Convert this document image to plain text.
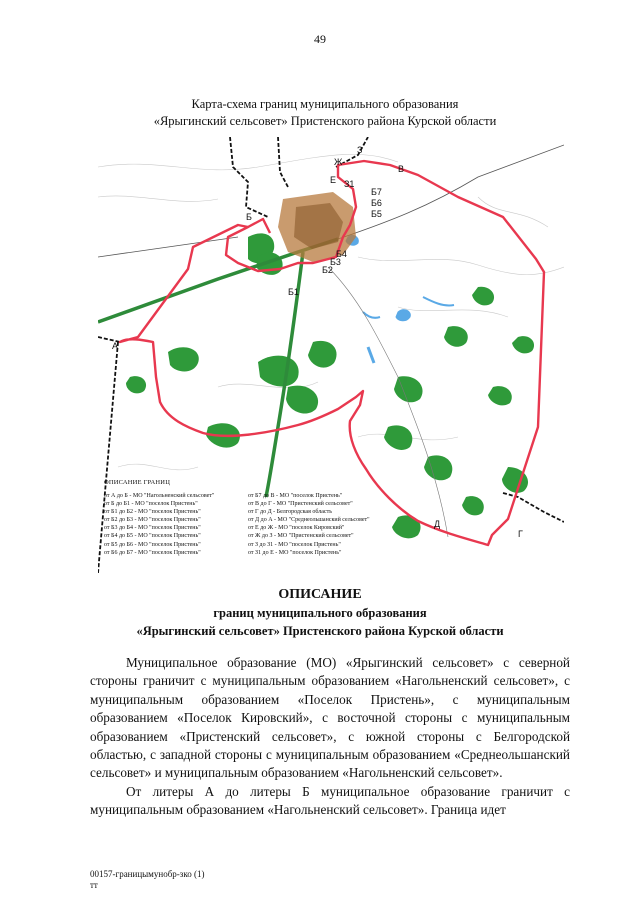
49
Карта-схема границ муниципального образования
«Ярыгинский сельсовет» Пристенского района Курской области
А
Б
Б1
Б2
Б3
Б4
Б5
Б6
Б7
В
Г
Д
Е
Ж
З
З1
ОПИСАНИЕ ГРАНИЦ
от А до Б - МО "Нагольненский сельсовет"	от Б7 до В - МО "поселок Пристень"
от Б до Б1 - МО "поселок Пристень"	от В до Г - МО "Пристенский сельсовет"
от Б1 до Б2 - МО "поселок Пристень"	от Г до Д - Белгородская область
от Б2 до Б3 - МО "поселок Пристень"	от Д до А - МО "Среднеольшанский сельсовет"
от Б3 до Б4 - МО "поселок Пристень"	от Е до Ж - МО "поселок Кировский"
от Б4 до Б5 - МО "поселок Пристень"	от Ж до З - МО "Пристенский сельсовет"
от Б5 до Б6 - МО "поселок Пристень"	от З до З1 - МО "поселок Пристень"
от Б6 до Б7 - МО "поселок Пристень"	от З1 до Е - МО "поселок Пристень"
ОПИСАНИЕ
границ муниципального образования
«Ярыгинский сельсовет» Пристенского района Курской области

Муниципальное образование (МО) «Ярыгинский сельсовет» с северной стороны граничит с муниципальным образованием «Нагольненский сельсовет», с муниципальным образованием «Поселок Пристень», с муниципальным образованием «Поселок Кировский», с восточной стороны с муниципальным образованием «Пристенский сельсовет», с южной стороны с Белгородской областью, с западной стороны с муниципальным образованием «Среднеольшанский сельсовет» и муниципальным образованием «Нагольненский сельсовет».

От литеры А до литеры Б муниципальное образование граничит с муниципальным образованием «Нагольненский сельсовет». Граница идет

00157-границымунобр-зко (1)
тт
